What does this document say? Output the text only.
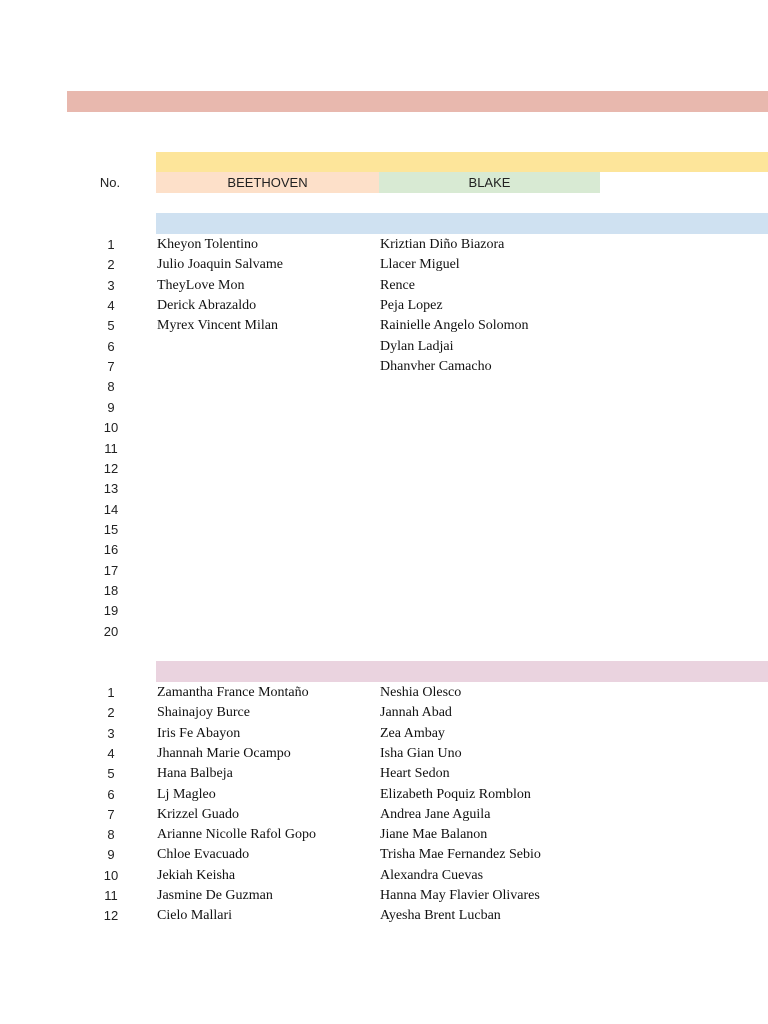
No.	BEETHOVEN	BLAKE
1
2
3
4
5
6
7
8
9
10
11
12
13
14
15
16
17
18
19
20
Kheyon Tolentino
Julio Joaquin Salvame
TheyLove Mon
Derick Abrazaldo
Myrex Vincent Milan
Kriztian Diño Biazora
Llacer Miguel
Rence
Peja Lopez
Rainielle Angelo Solomon
Dylan Ladjai
Dhanvher Camacho
1
2
3
4
5
6
7
8
9
10
11
12
Zamantha France Montaño
Shainajoy Burce
Iris Fe Abayon
Jhannah Marie Ocampo
Hana Balbeja
Lj Magleo
Krizzel Guado
Arianne Nicolle Rafol Gopo
Chloe Evacuado
Jekiah Keisha
Jasmine De Guzman
Cielo Mallari
Neshia Olesco
Jannah Abad
Zea Ambay
Isha Gian Uno
Heart Sedon
Elizabeth Poquiz Romblon
Andrea Jane Aguila
Jiane Mae Balanon
Trisha Mae Fernandez Sebio
Alexandra Cuevas
Hanna May Flavier Olivares
Ayesha Brent Lucban
